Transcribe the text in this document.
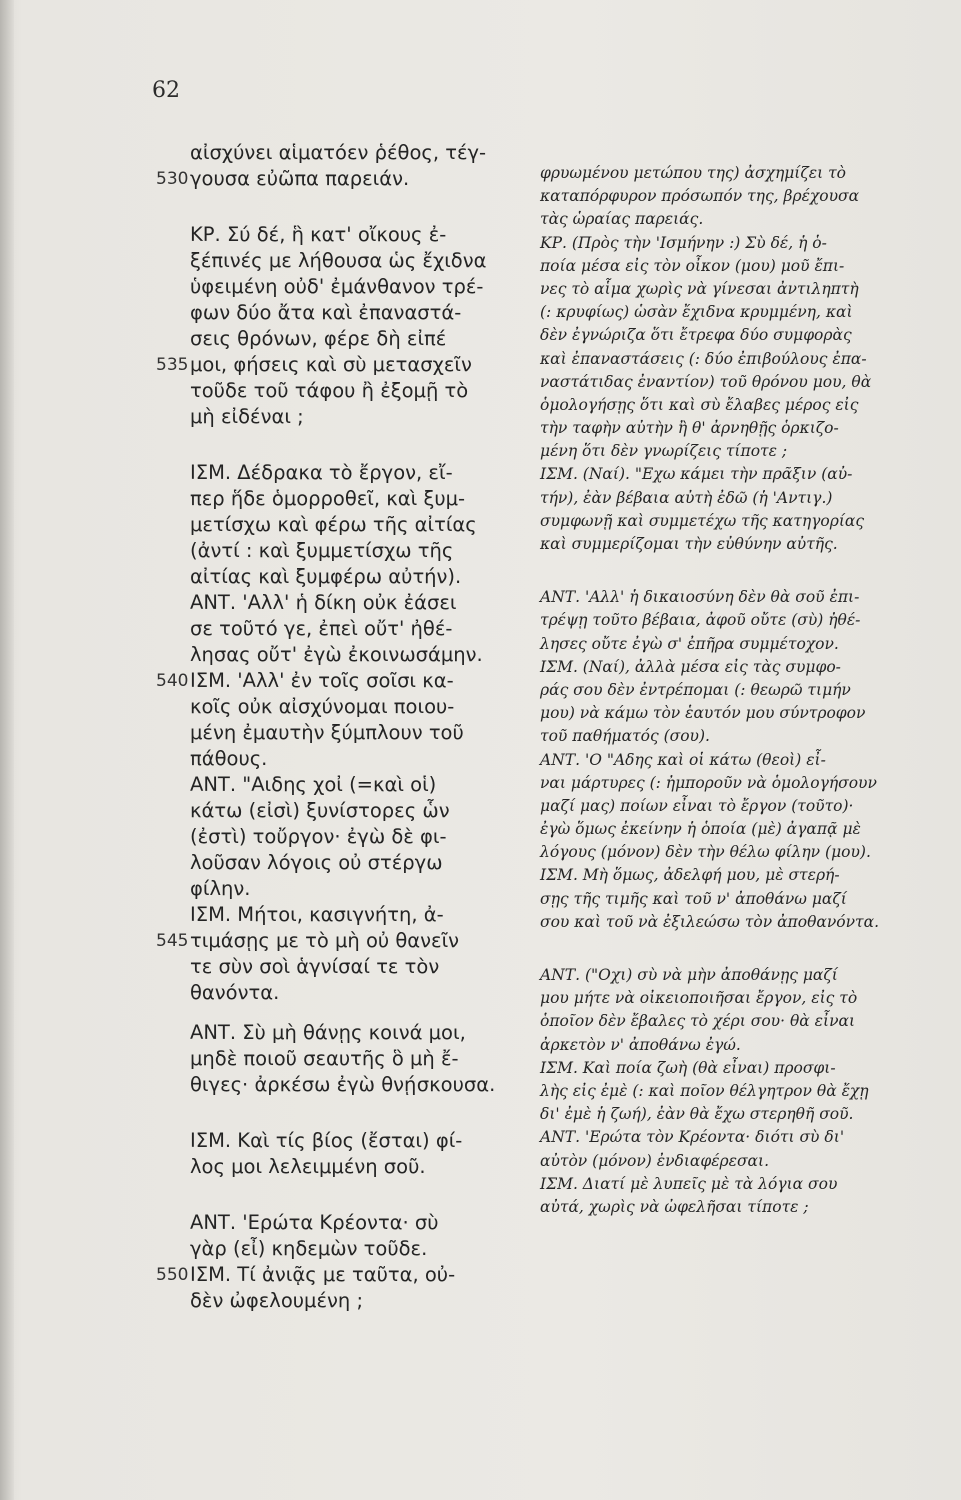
62
αἰσχύνει αἱματόεν ῥέθος, τέγ-
530 γουσα εὐῶπα παρειάν.
ΚΡ. Σύ δέ, ἣ κατ' οἴκους ἐ-
ξέπινές με λήθουσα ὡς ἔχιδνα
ὑφειμένη οὐδ' ἐμάνθανον τρέ-
φων δύο ἄτα καὶ ἐπαναστά-
σεις θρόνων, φέρε δὴ εἰπέ
535 μοι, φήσεις καὶ σὺ μετασχεῖν
τοῦδε τοῦ τάφου ἢ ἐξομῇ τὸ
μὴ εἰδέναι ;
ΙΣΜ. Δέδρακα τὸ ἔργον, εἴ-
περ ἥδε ὁμορροθεῖ, καὶ ξυμ-
μετίσχω καὶ φέρω τῆς αἰτίας
(ἀντί : καὶ ξυμμετίσχω τῆς
αἰτίας καὶ ξυμφέρω αὐτήν).
ΑΝΤ. 'Αλλ' ἡ δίκη οὐκ ἐάσει
σε τοῦτό γε, ἐπεὶ οὔτ' ἠθέ-
λησας οὔτ' ἐγὼ ἐκοινωσάμην.
540 ΙΣΜ. 'Αλλ' ἐν τοῖς σοῖσι κα-
κοῖς οὐκ αἰσχύνομαι ποιου-
μένη ἐμαυτὴν ξύμπλουν τοῦ
πάθους.
ΑΝΤ. "Αιδης χοἰ (=καὶ οἱ)
κάτω (εἰσὶ) ξυνίστορες ὧν
(ἐστὶ) τοὔργον· ἐγὼ δὲ φι-
λοῦσαν λόγοις οὐ στέργω
φίλην.
ΙΣΜ. Μήτοι, κασιγνήτη, ἀ-
545 τιμάσῃς με τὸ μὴ οὐ θανεῖν
τε σὺν σοὶ ἁγνίσαί τε τὸν
θανόντα.
ΑΝΤ. Σὺ μὴ θάνῃς κοινά μοι,
μηδὲ ποιοῦ σεαυτῆς ὃ μὴ ἔ-
θιγες· ἀρκέσω ἐγὼ θνῄσκουσα.
ΙΣΜ. Καὶ τίς βίος (ἔσται) φί-
λος μοι λελειμμένη σοῦ.
ΑΝΤ. 'Ερώτα Κρέοντα· σὺ
γὰρ (εἶ) κηδεμὼν τοῦδε.
550 ΙΣΜ. Τί ἀνιᾷς με ταῦτα, οὐ-
δὲν ὠφελουμένη ;
φρυωμένου μετώπου της) ἀσχημίζει τὸ
καταπόρφυρον πρόσωπόν της, βρέχουσα
τὰς ὡραίας παρειάς.
ΚΡ. (Πρὸς τὴν 'Ισμήνην :) Σὺ δέ, ἡ ὁ-
ποία μέσα εἰς τὸν οἶκον (μου) μοῦ ἔπι-
νες τὸ αἷμα χωρὶς νὰ γίνεσαι ἀντιληπτὴ
(: κρυφίως) ὡσὰν ἔχιδνα κρυμμένη, καὶ
δὲν ἐγνώριζα ὅτι ἔτρεφα δύο συμφορὰς
καὶ ἐπαναστάσεις (: δύο ἐπιβούλους ἐπα-
ναστάτιδας ἐναντίον) τοῦ θρόνου μου, θὰ
ὁμολογήσῃς ὅτι καὶ σὺ ἔλαβες μέρος εἰς
τὴν ταφὴν αὐτὴν ἢ θ' ἀρνηθῇς ὁρκιζο-
μένη ὅτι δὲν γνωρίζεις τίποτε ;
ΙΣΜ. (Ναί). "Εχω κάμει τὴν πρᾶξιν (αὐ-
τήν), ἐὰν βέβαια αὐτὴ ἐδῶ (ἡ 'Αντιγ.)
συμφωνῇ καὶ συμμετέχω τῆς κατηγορίας
καὶ συμμερίζομαι τὴν εὐθύνην αὐτῆς.
ΑΝΤ. 'Αλλ' ἡ δικαιοσύνη δὲν θὰ σοῦ ἐπι-
τρέψῃ τοῦτο βέβαια, ἀφοῦ οὔτε (σὺ) ἠθέ-
λησες οὔτε ἐγὼ σ' ἐπῆρα συμμέτοχον.
ΙΣΜ. (Ναί), ἀλλὰ μέσα εἰς τὰς συμφο-
ράς σου δὲν ἐντρέπομαι (: θεωρῶ τιμήν
μου) νὰ κάμω τὸν ἑαυτόν μου σύντροφον
τοῦ παθήματός (σου).
ΑΝΤ. 'Ο "Αδης καὶ οἱ κάτω (θεοὶ) εἶ-
ναι μάρτυρες (: ἠμποροῦν νὰ ὁμολογήσουν
μαζί μας) ποίων εἶναι τὸ ἔργον (τοῦτο)·
ἐγὼ ὅμως ἐκείνην ἡ ὁποία (μὲ) ἀγαπᾷ μὲ
λόγους (μόνον) δὲν τὴν θέλω φίλην (μου).
ΙΣΜ. Μὴ ὅμως, ἀδελφή μου, μὲ στερή-
σῃς τῆς τιμῆς καὶ τοῦ ν' ἀποθάνω μαζί
σου καὶ τοῦ νὰ ἐξιλεώσω τὸν ἀποθανόντα.
ΑΝΤ. ("Οχι) σὺ νὰ μὴν ἀποθάνῃς μαζί
μου μήτε νὰ οἰκειοποιῆσαι ἔργον, εἰς τὸ
ὁποῖον δὲν ἔβαλες τὸ χέρι σου· θὰ εἶναι
ἀρκετὸν ν' ἀποθάνω ἐγώ.
ΙΣΜ. Καὶ ποία ζωὴ (θὰ εἶναι) προσφι-
λὴς εἰς ἐμὲ (: καὶ ποῖον θέλγητρον θὰ ἔχῃ
δι' ἐμὲ ἡ ζωή), ἐὰν θὰ ἔχω στερηθῆ σοῦ.
ΑΝΤ. 'Ερώτα τὸν Κρέοντα· διότι σὺ δι'
αὐτὸν (μόνον) ἐνδιαφέρεσαι.
ΙΣΜ. Διατί μὲ λυπεῖς μὲ τὰ λόγια σου
αὐτά, χωρὶς νὰ ὠφελῆσαι τίποτε ;
